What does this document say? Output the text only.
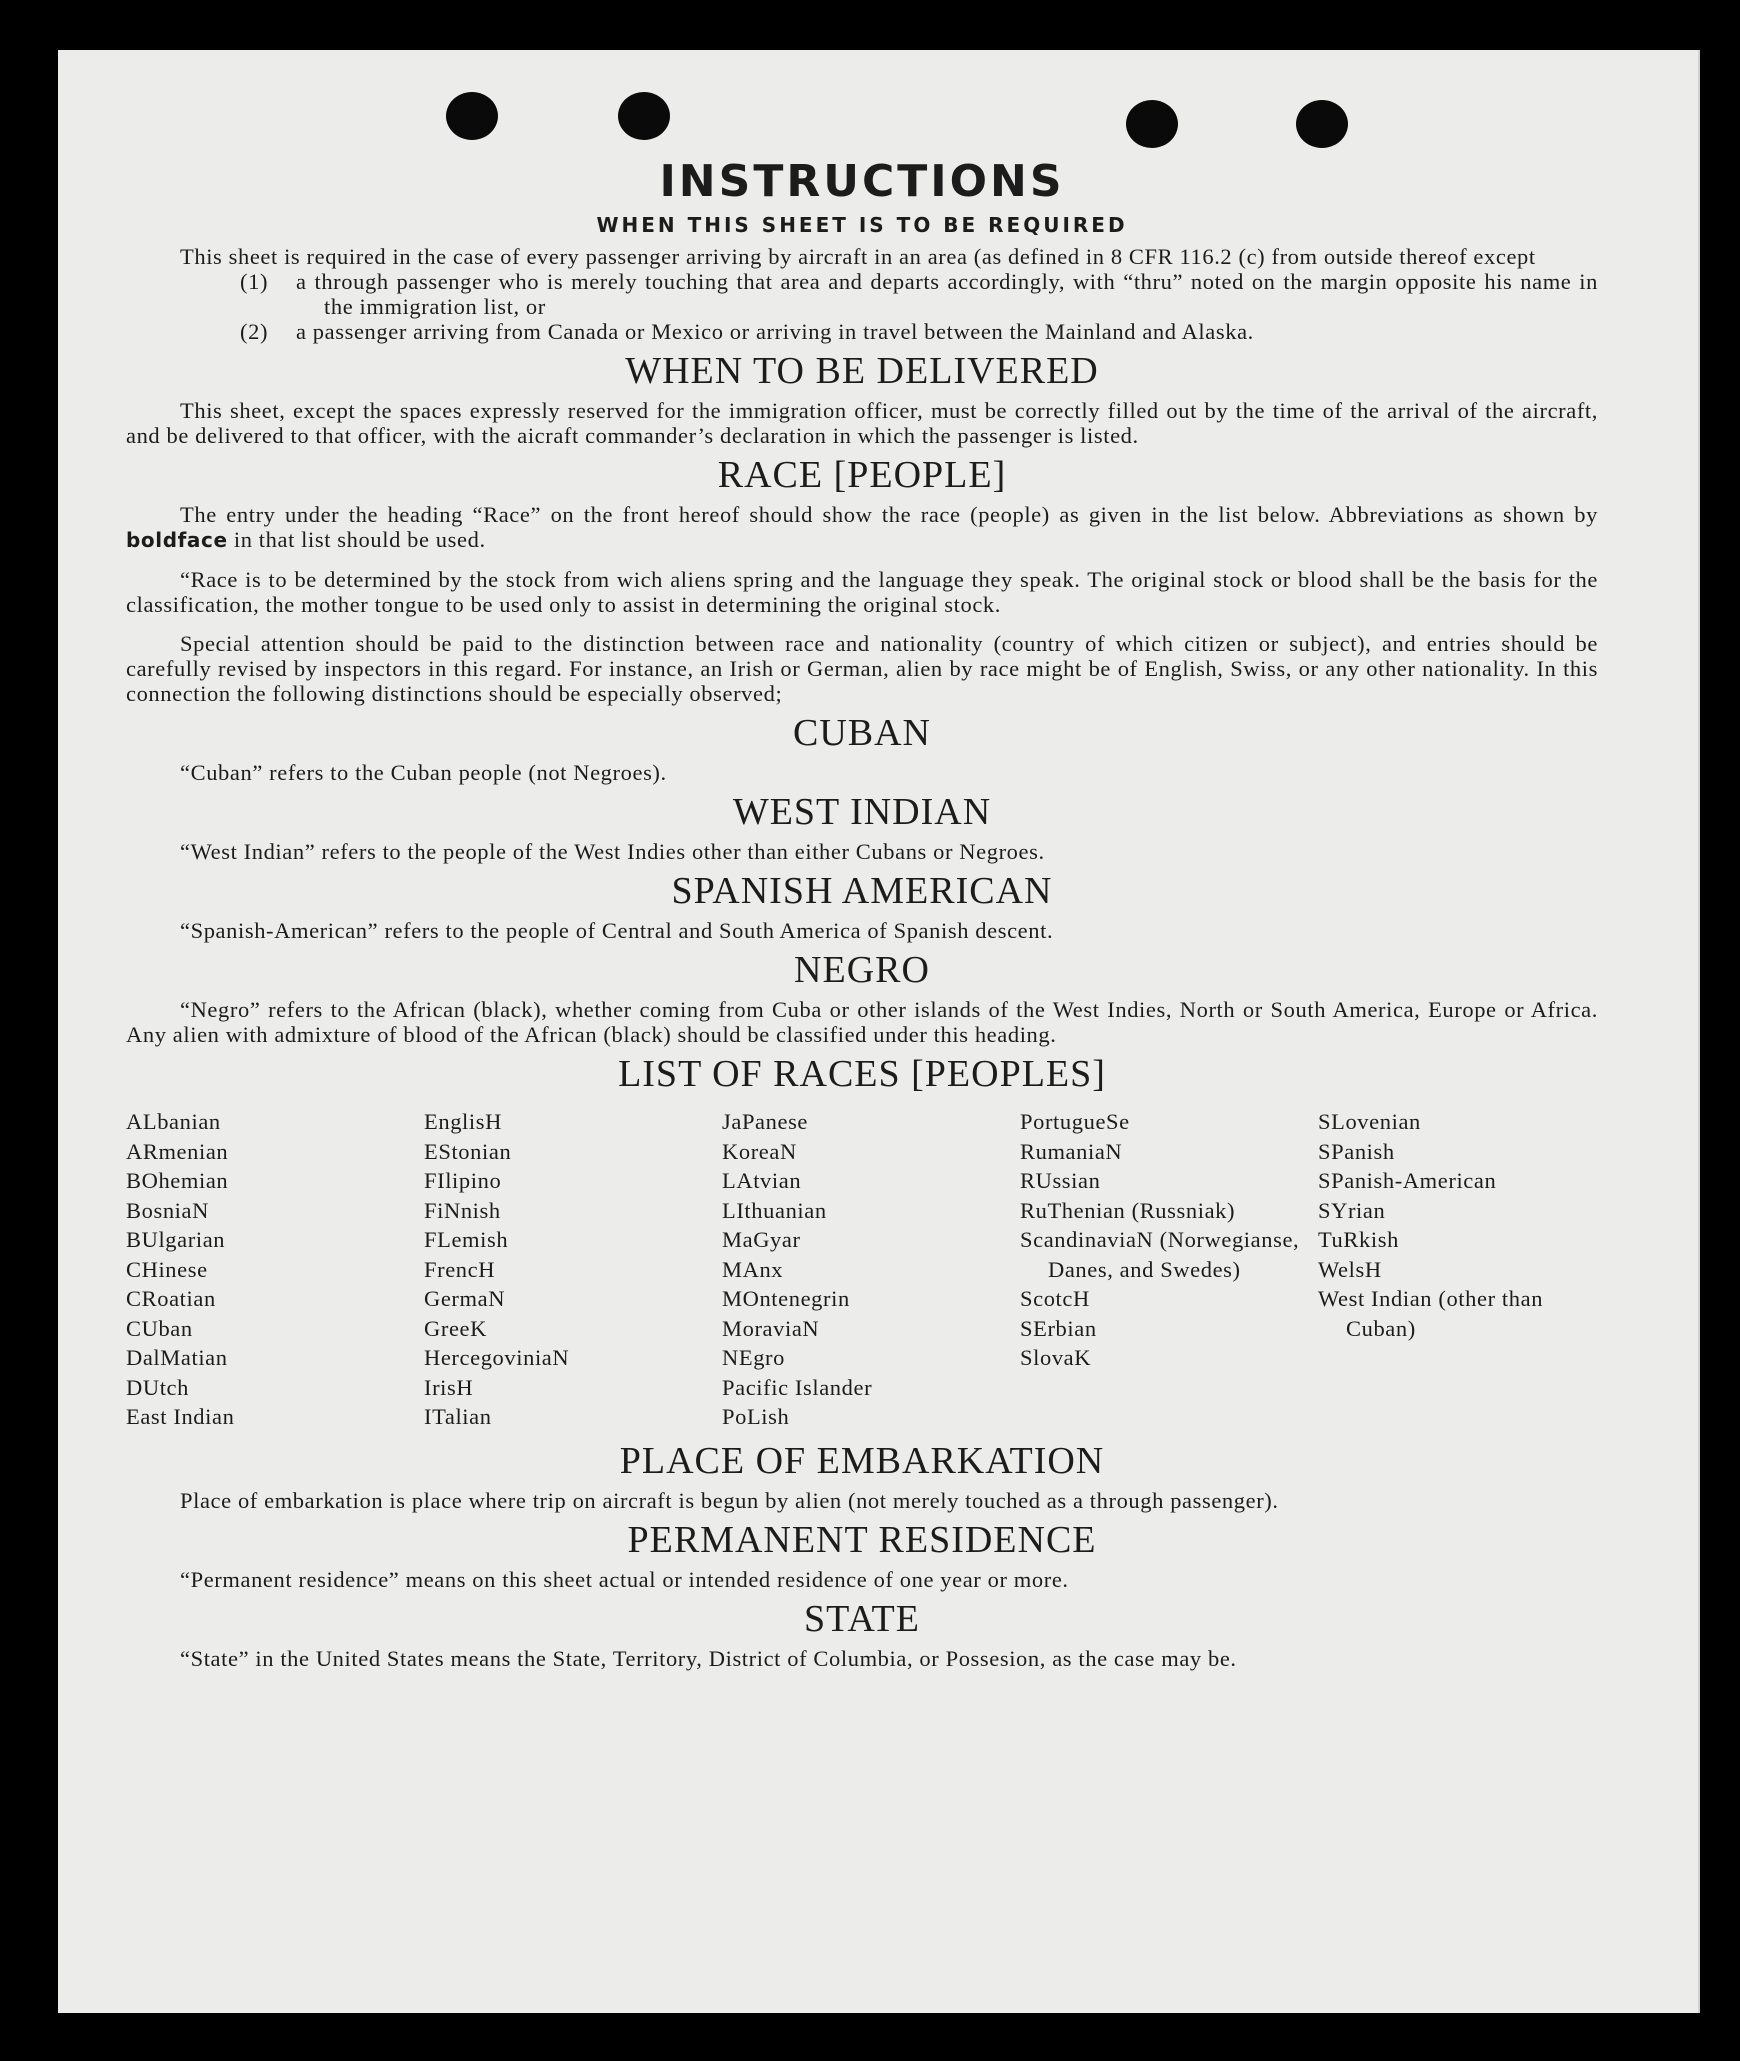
INSTRUCTIONS
WHEN THIS SHEET IS TO BE REQUIRED

This sheet is required in the case of every passenger arriving by aircraft in an area (as defined in 8 CFR 116.2 (c) from outside thereof except

(1)	a through passenger who is merely touching that area and departs accordingly, with “thru” noted on the margin opposite his name in the immigration list, or
(2)	a passenger arriving from Canada or Mexico or arriving in travel between the Mainland and Alaska.
WHEN TO BE DELIVERED

This sheet, except the spaces expressly reserved for the immigration officer, must be correctly filled out by the time of the arrival of the aircraft, and be delivered to that officer, with the aicraft commander’s declaration in which the passenger is listed.

RACE [PEOPLE]

The entry under the heading “Race” on the front hereof should show the race (people) as given in the list below. Abbreviations as shown by boldface in that list should be used.

“Race is to be determined by the stock from wich aliens spring and the language they speak. The original stock or blood shall be the basis for the classification, the mother tongue to be used only to assist in determining the original stock.

Special attention should be paid to the distinction between race and nationality (country of which citizen or subject), and entries should be carefully revised by inspectors in this regard. For instance, an Irish or German, alien by race might be of English, Swiss, or any other nationality. In this connection the following distinctions should be especially observed;

CUBAN

“Cuban” refers to the Cuban people (not Negroes).

WEST INDIAN

“West Indian” refers to the people of the West Indies other than either Cubans or Negroes.

SPANISH AMERICAN

“Spanish-American” refers to the people of Central and South America of Spanish descent.

NEGRO

“Negro” refers to the African (black), whether coming from Cuba or other islands of the West Indies, North or South America, Europe or Africa. Any alien with admixture of blood of the African (black) should be classified under this heading.

LIST OF RACES [PEOPLES]
ALbanian
ARmenian
BOhemian
BosniaN
BUlgarian
CHinese
CRoatian
CUban
DalMatian
DUtch
East Indian
EnglisH
EStonian
FIlipino
FiNnish
FLemish
FrencH
GermaN
GreeK
HercegoviniaN
IrisH
ITalian
JaPanese
KoreaN
LAtvian
LIthuanian
MaGyar
MAnx
MOntenegrin
MoraviaN
NEgro
Pacific Islander
PoLish
PortugueSe
RumaniaN
RUssian
RuThenian (Russniak)
ScandinaviaN (Norwegianse, Danes, and Swedes)
ScotcH
SErbian
SlovaK
SLovenian
SPanish
SPanish-American
SYrian
TuRkish
WelsH
West Indian (other than Cuban)
PLACE OF EMBARKATION

Place of embarkation is place where trip on aircraft is begun by alien (not merely touched as a through passenger).

PERMANENT RESIDENCE

“Permanent residence” means on this sheet actual or intended residence of one year or more.

STATE

“State” in the United States means the State, Territory, District of Columbia, or Possesion, as the case may be.
